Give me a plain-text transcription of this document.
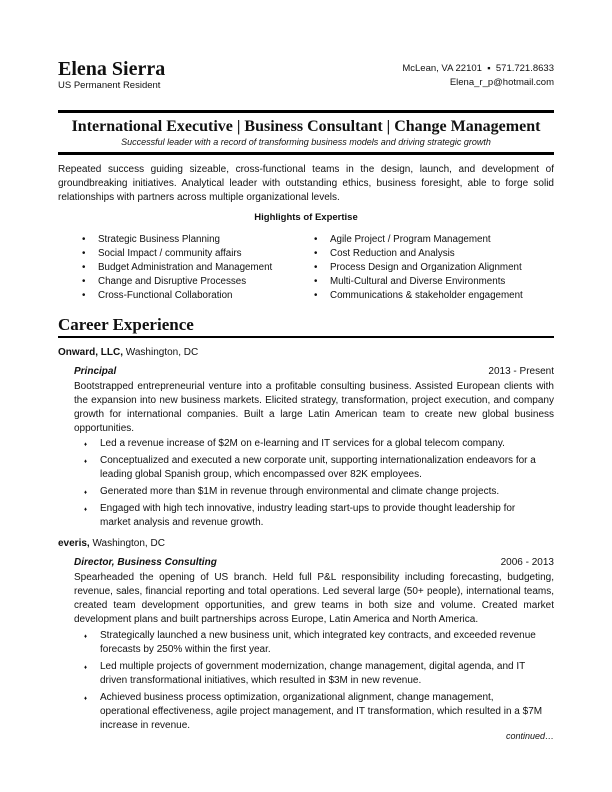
Elena Sierra
US Permanent Resident
McLean, VA 22101 ▪ 571.721.8633
Elena_r_p@hotmail.com
International Executive | Business Consultant | Change Management
Successful leader with a record of transforming business models and driving strategic growth
Repeated success guiding sizeable, cross-functional teams in the design, launch, and development of groundbreaking initiatives. Analytical leader with outstanding ethics, business foresight, able to forge solid relationships with partners across multiple organizational levels.
Highlights of Expertise
• Strategic Business Planning
• Social Impact / community affairs
• Budget Administration and Management
• Change and Disruptive Processes
• Cross-Functional Collaboration
• Agile Project / Program Management
• Cost Reduction and Analysis
• Process Design and Organization Alignment
• Multi-Cultural and Diverse Environments
• Communications & stakeholder engagement
Career Experience
Onward, LLC, Washington, DC
Principal	2013 - Present
Bootstrapped entrepreneurial venture into a profitable consulting business. Assisted European clients with the expansion into new business markets. Elicited strategy, transformation, project execution, and company growth for international companies. Built a large Latin American team to create new global business opportunities.
♦ Led a revenue increase of $2M on e-learning and IT services for a global telecom company.
♦ Conceptualized and executed a new corporate unit, supporting internationalization endeavors for a leading global Spanish group, which encompassed over 82K employees.
♦ Generated more than $1M in revenue through environmental and climate change projects.
♦ Engaged with high tech innovative, industry leading start-ups to provide thought leadership for market analysis and revenue growth.
everis, Washington, DC
Director, Business Consulting	2006 - 2013
Spearheaded the opening of US branch. Held full P&L responsibility including forecasting, budgeting, revenue, sales, financial reporting and total operations. Led several large (50+ people), international teams, created team development opportunities, and grew teams in both size and volume. Created market development plans and built partnerships across Europe, Latin America and North America.
♦ Strategically launched a new business unit, which integrated key contracts, and exceeded revenue forecasts by 250% within the first year.
♦ Led multiple projects of government modernization, change management, digital agenda, and IT driven transformational initiatives, which resulted in $3M in new revenue.
♦ Achieved business process optimization, organizational alignment, change management, operational effectiveness, agile project management, and IT transformation, which resulted in a $7M increase in revenue.
continued…
